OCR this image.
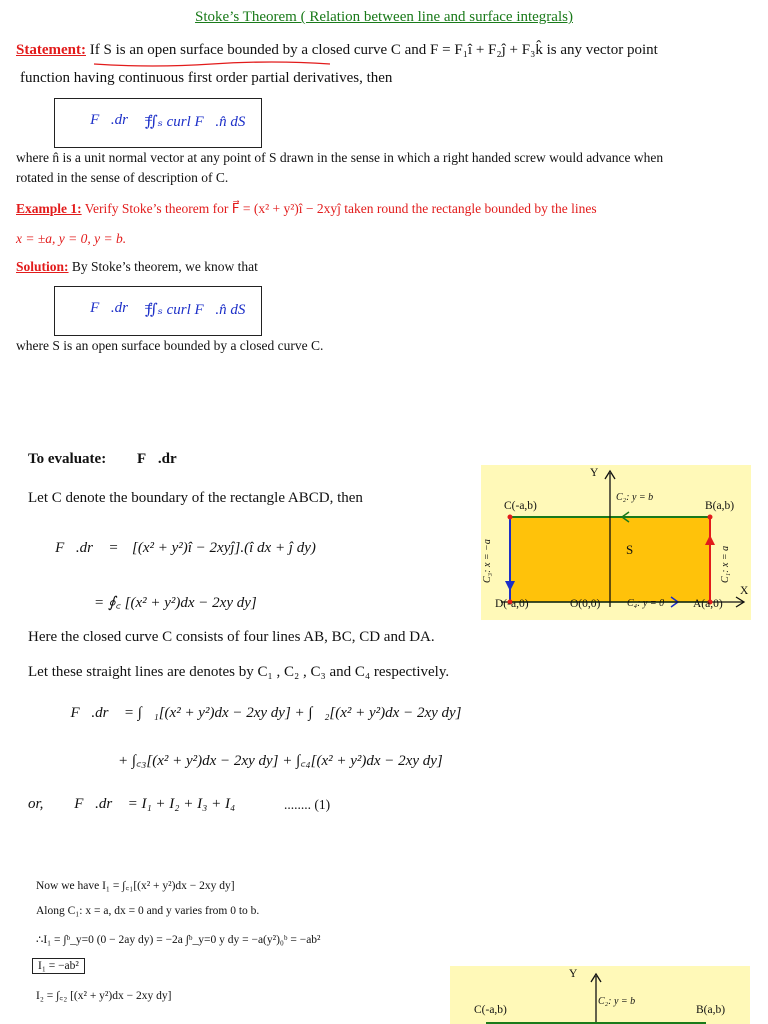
Stoke’s Theorem ( Relation between line and surface integrals)
Statement: If S is an open surface bounded by a closed curve C and F = F₁î + F₂ĵ + F₃k̂ is any vector point
function having continuous first order partial derivatives, then
∮꜀ F⃗.dr⃗ =
∬ₛ curl F⃗.n̂ dS
where n̂ is a unit normal vector at any point of S drawn in the sense in which a right handed screw would advance when
rotated in the sense of description of C.
Example 1: Verify Stoke’s theorem for F⃗ = (x² + y²)î − 2xyĵ taken round the rectangle bounded by the lines
x = ±a, y = 0, y = b.
Solution: By Stoke’s theorem, we know that
∮꜀ F⃗.dr⃗ =
∬ₛ curl F⃗.n̂ dS
where S is an open surface bounded by a closed curve C.
To evaluate: ∮꜀ F⃗.dr⃗
Let C denote the boundary of the rectangle ABCD, then
∮꜀ F⃗.dr⃗ = ∮꜀
[(x² + y²)î − 2xyĵ].(î dx + ĵ dy)
= ∮꜀ [(x² + y²)dx − 2xy dy]
Here the closed curve C consists of four lines AB, BC, CD and DA.
Let these straight lines are denotes by C₁ , C₂ , C₃ and C₄ respectively.
∴ ∮꜀ F⃗.dr⃗ = ∫꜀₁[(x² + y²)dx − 2xy dy] + ∫꜀₂[(x² + y²)dx − 2xy dy]
+ ∫꜀₃[(x² + y²)dx − 2xy dy] + ∫꜀₄[(x² + y²)dx − 2xy dy]
or, ∮꜀ F⃗.dr⃗ = I₁ + I₂ + I₃ + I₄	........ (1)
Now we have I₁ = ∫꜀₁[(x² + y²)dx − 2xy dy]
Along C₁: x = a, dx = 0 and y varies from 0 to b.
∴I₁ = ∫ᵇ_y=0 (0 − 2ay dy) = −2a ∫ᵇ_y=0 y dy = −a(y²)₀ᵇ = −ab²
I₁ = −ab²
I₂ = ∫꜀₂ [(x² + y²)dx − 2xy dy]
Y
X
C₂: y = b
C₄: y = 0
C₃: x = −a	C₁: x = a
S
C(-a,b)	B(a,b)
D(-a,0)	O(0,0)	A(a,0)
Y
C(-a,b)	B(a,b)
C₂: y = b
